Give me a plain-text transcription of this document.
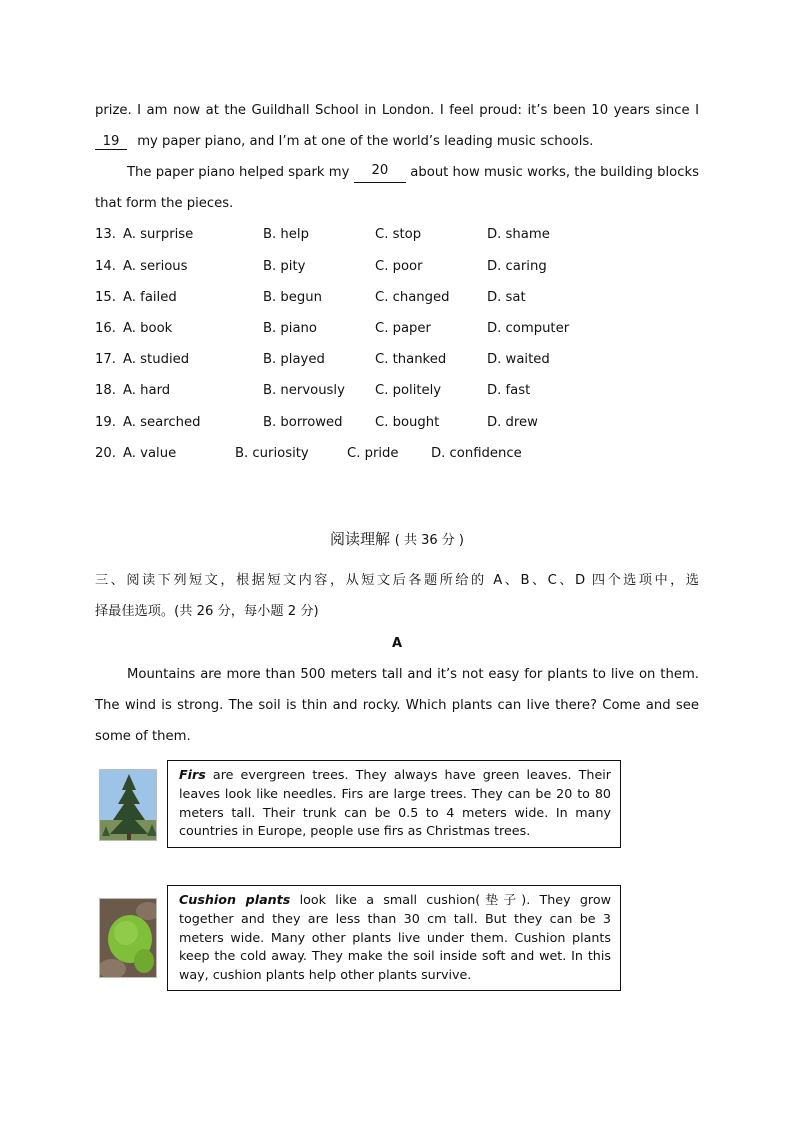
prize. I am now at the Guildhall School in London. I feel proud: it’s been 10 years since I
19 my paper piano, and I’m at one of the world’s leading music schools.
The paper piano helped spark my	20	about how music works, the building blocks
that form the pieces.
13. A. surprise	B. help	C. stop	D. shame
14. A. serious	B. pity	C. poor	D. caring
15. A. failed	B. begun	C. changed	D. sat
16. A. book	B. piano	C. paper	D. computer
17. A. studied	B. played	C. thanked	D. waited
18. A. hard	B. nervously C. politely	D. fast
19. A. searched	B. borrowed C. bought	D. drew
20. A. value	B. curiosity	C. pride D. confidence
阅读理解 ( 共 36 分 )
三、阅读下列短文，根据短文内容，从短文后各题所给的 A、B、C、D 四个选项中，选
择最佳选项。(共 26 分，每小题 2 分)
A
Mountains are more than 500 meters tall and it’s not easy for plants to live on them.
The wind is strong. The soil is thin and rocky. Which plants can live there? Come and see
some of them.
Firs are evergreen trees. They always have green leaves. Their leaves look like needles. Firs are large trees. They can be 20 to 80 meters tall. Their trunk can be 0.5 to 4 meters wide. In many countries in Europe, people use firs as Christmas trees.
Cushion plants look like a small cushion(垫子). They grow together and they are less than 30 cm tall. But they can be 3 meters wide. Many other plants live under them. Cushion plants keep the cold away. They make the soil inside soft and wet. In this way, cushion plants help other plants survive.
